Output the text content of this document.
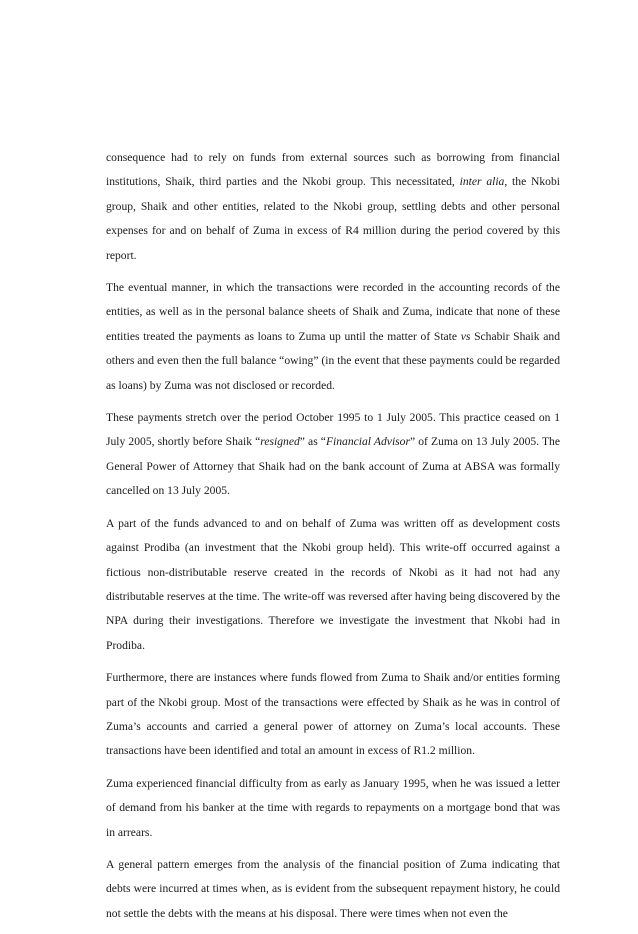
consequence had to rely on funds from external sources such as borrowing from financial institutions, Shaik, third parties and the Nkobi group. This necessitated, inter alia, the Nkobi group, Shaik and other entities, related to the Nkobi group, settling debts and other personal expenses for and on behalf of Zuma in excess of R4 million during the period covered by this report.

The eventual manner, in which the transactions were recorded in the accounting records of the entities, as well as in the personal balance sheets of Shaik and Zuma, indicate that none of these entities treated the payments as loans to Zuma up until the matter of State vs Schabir Shaik and others and even then the full balance “owing” (in the event that these payments could be regarded as loans) by Zuma was not disclosed or recorded.

These payments stretch over the period October 1995 to 1 July 2005. This practice ceased on 1 July 2005, shortly before Shaik “resigned” as “Financial Advisor” of Zuma on 13 July 2005. The General Power of Attorney that Shaik had on the bank account of Zuma at ABSA was formally cancelled on 13 July 2005.

A part of the funds advanced to and on behalf of Zuma was written off as development costs against Prodiba (an investment that the Nkobi group held). This write-off occurred against a fictious non-distributable reserve created in the records of Nkobi as it had not had any distributable reserves at the time. The write-off was reversed after having being discovered by the NPA during their investigations. Therefore we investigate the investment that Nkobi had in Prodiba.

Furthermore, there are instances where funds flowed from Zuma to Shaik and/or entities forming part of the Nkobi group. Most of the transactions were effected by Shaik as he was in control of Zuma’s accounts and carried a general power of attorney on Zuma’s local accounts. These transactions have been identified and total an amount in excess of R1.2 million.

Zuma experienced financial difficulty from as early as January 1995, when he was issued a letter of demand from his banker at the time with regards to repayments on a mortgage bond that was in arrears.

A general pattern emerges from the analysis of the financial position of Zuma indicating that debts were incurred at times when, as is evident from the subsequent repayment history, he could not settle the debts with the means at his disposal. There were times when not even the
